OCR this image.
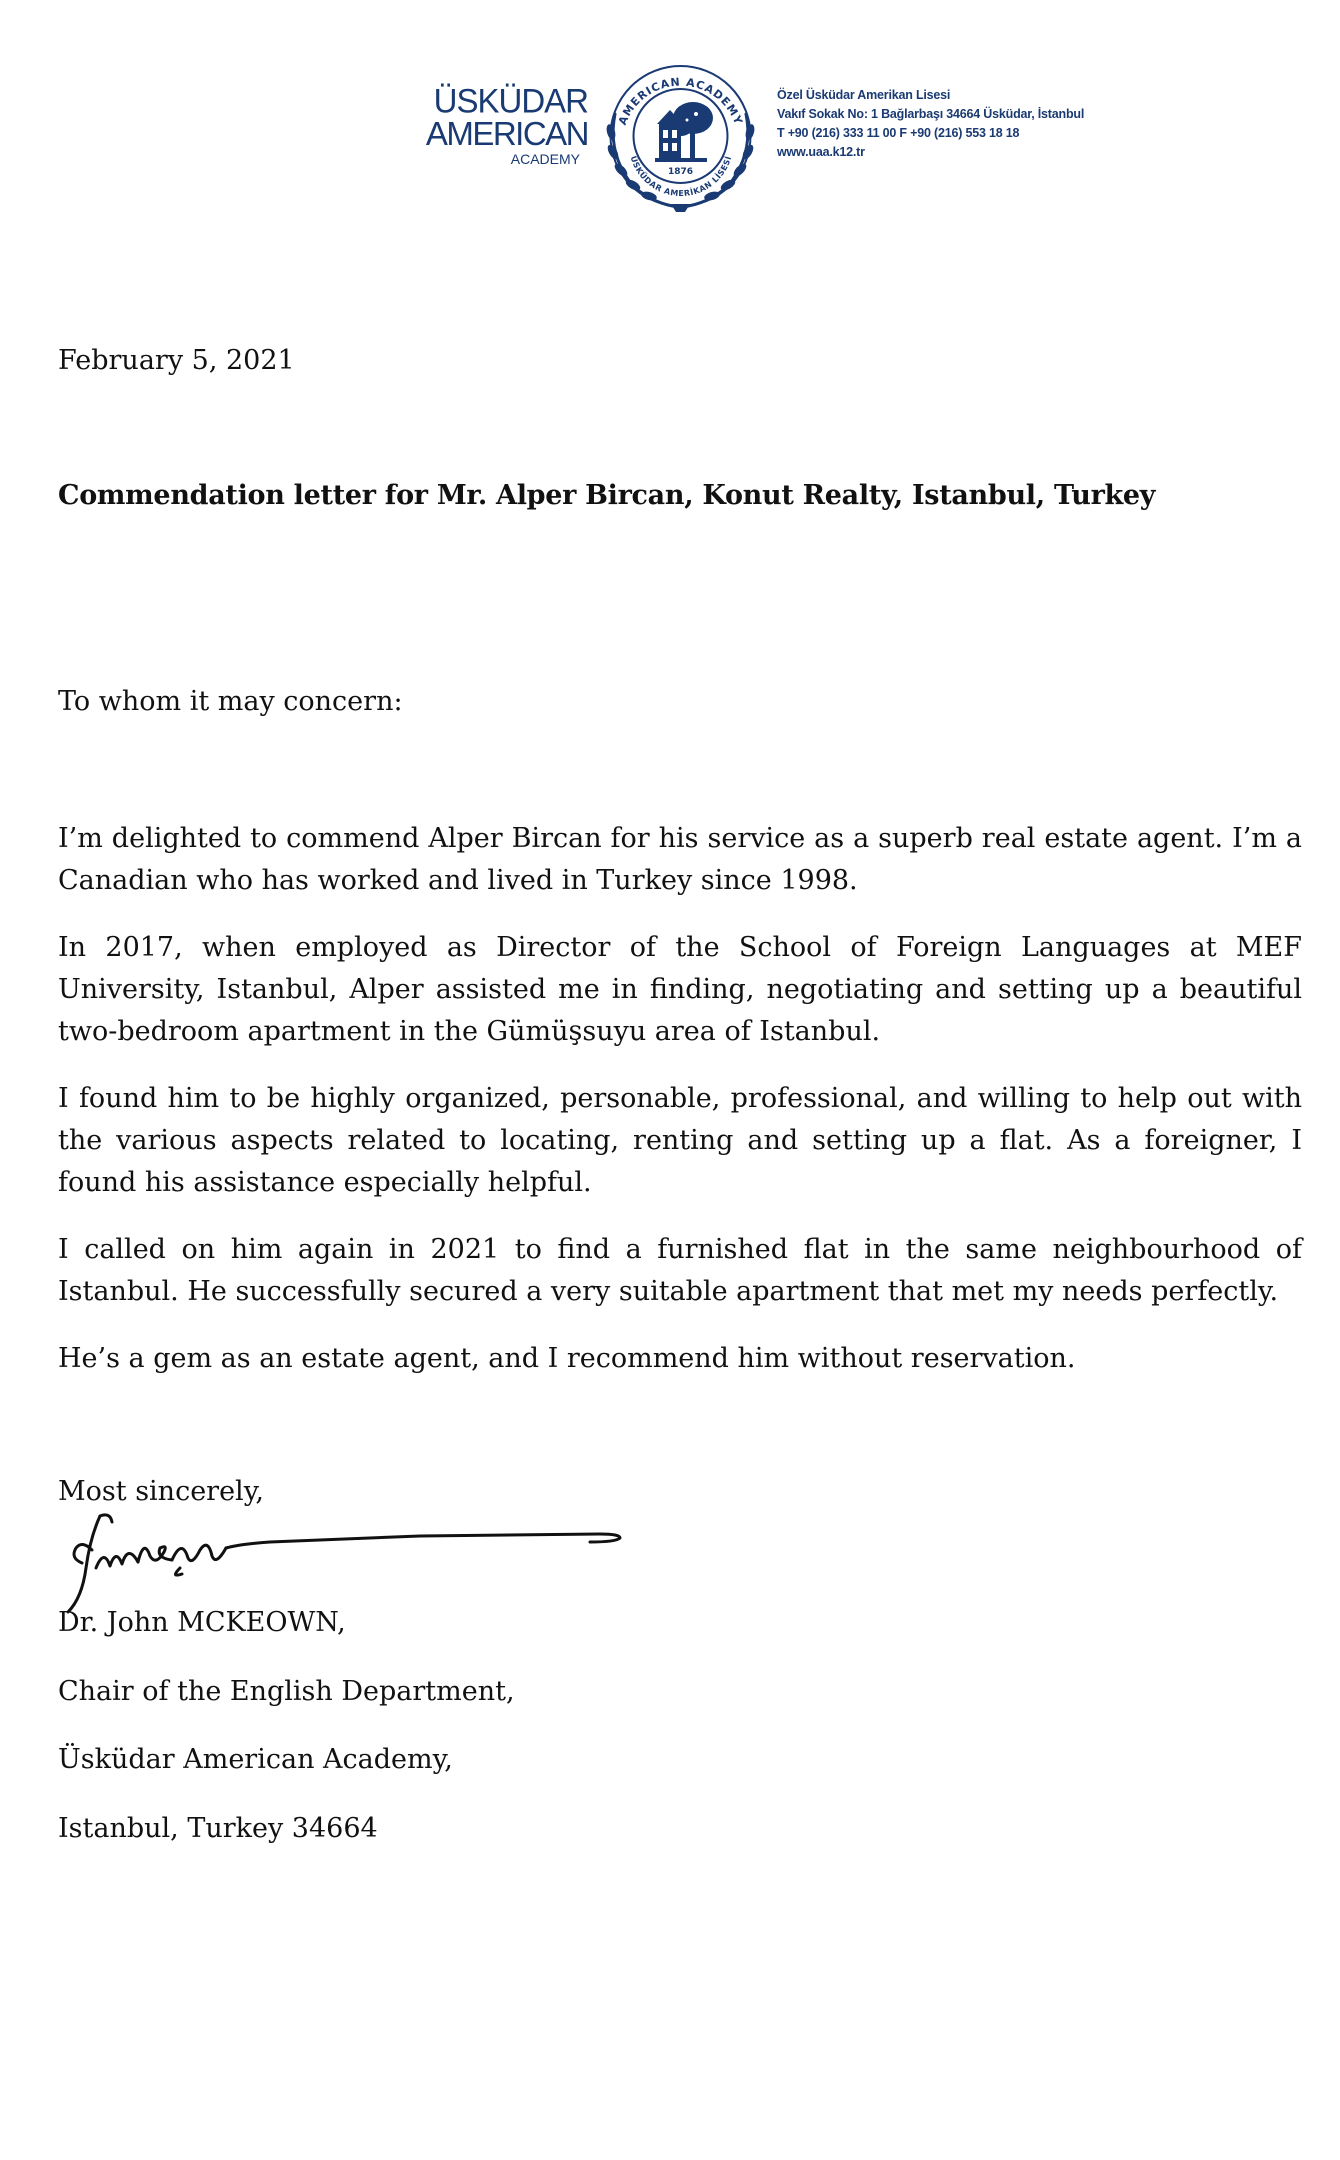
ÜSKÜDAR
AMERICAN
ACADEMY
AMERICAN ACADEMY
ÜSKÜDAR AMERİKAN LİSESİ
1876
Özel Üsküdar Amerikan Lisesi
Vakıf Sokak No: 1 Bağlarbaşı 34664 Üsküdar, İstanbul
T +90 (216) 333 11 00 F +90 (216) 553 18 18
www.uaa.k12.tr
February 5, 2021
Commendation letter for Mr. Alper Bircan, Konut Realty, Istanbul, Turkey
To whom it may concern:

I’m delighted to commend Alper Bircan for his service as a superb real estate agent. I’m a Canadian who has worked and lived in Turkey since 1998.

In 2017, when employed as Director of the School of Foreign Languages at MEF University, Istanbul, Alper assisted me in finding, negotiating and setting up a beautiful two-bedroom apartment in the Gümüşsuyu area of Istanbul.

I found him to be highly organized, personable, professional, and willing to help out with the various aspects related to locating, renting and setting up a flat. As a foreigner, I found his assistance especially helpful.

I called on him again in 2021 to find a furnished flat in the same neighbourhood of Istanbul. He successfully secured a very suitable apartment that met my needs perfectly.

He’s a gem as an estate agent, and I recommend him without reservation.

Most sincerely,
Dr. John MCKEOWN,
Chair of the English Department,
Üsküdar American Academy,
Istanbul, Turkey 34664
